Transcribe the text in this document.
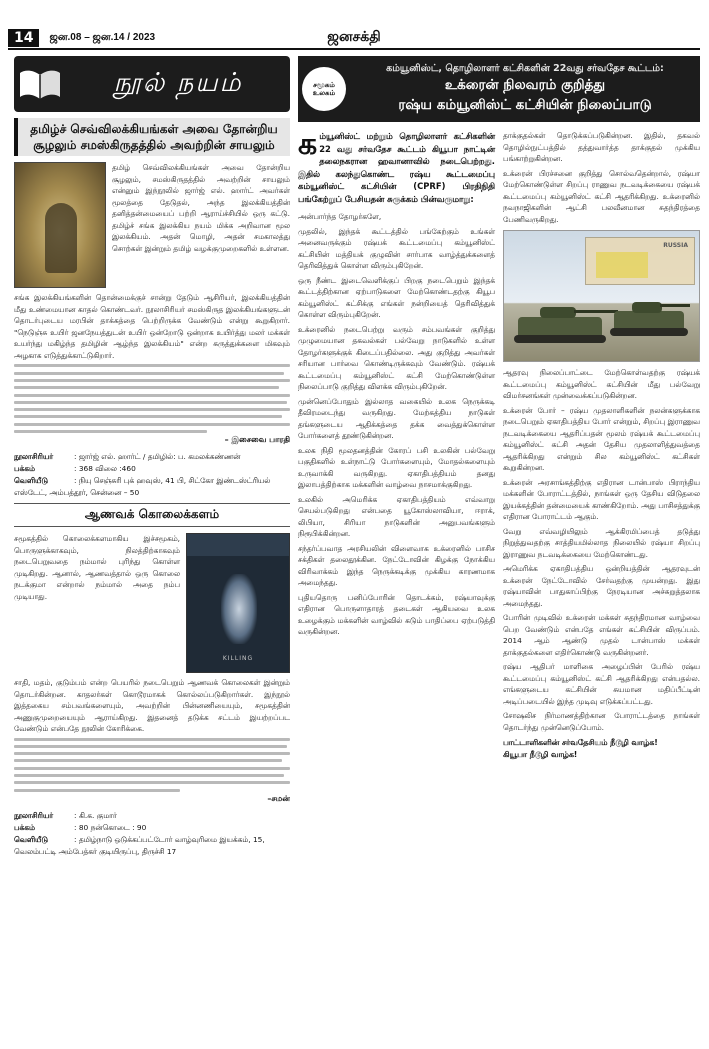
14	ஜன.08 – ஜன.14 / 2023	ஜனசக்தி
நூல் நயம்
தமிழ்ச் செவ்விலக்கியங்கள் அவை தோன்றிய சூழலும் சமஸ்கிருதத்தில் அவற்றின் சாயலும்

தமிழ் செவ்விலக்கியங்கள் அவை தோன்றிய சூழலும், சமஸ்கிருதத்தில் அவற்றின் சாயலும் என்னும் இந்நூலில் ஜார்ஜ் எல். ஹார்ட் அவர்கள் மூலத்தை தேடுதல், அந்த இலக்கியத்தின் தனித்தன்மையைப் பற்றி ஆராய்ச்சியில் ஒரு கட்டு. தமிழ்ச் சங்க இலக்கிய நயம் மிக்க அறிவான மூல இலக்கியம். அதன் மொழி, அதன் சமகாலத்து சொற்கள் இன்றும் தமிழ் வழக்குமுறைகளில் உள்ளன.

சங்க இலக்கியங்களின் தொன்மைக்குச் சான்று தேடும் ஆசிரியர், இலக்கியத்தின் மீது உண்மையான காதல் கொண்டவர். நூலாசிரியர் சமஸ்கிருத இலக்கியங்களுடன் தொடர்புடைய மரபின் தாக்கத்தை பெற்றிருக்க வேண்டும் என்று கூறுகிறார். "நெடுஞ்சு உயிர் ஜனநேயத்துடன் உயிர் ஒன்றோடு ஒன்றாக உயிர்த்து மலர் மக்கள் உயர்ந்து மகிழ்ந்த தமிழின் ஆழ்ந்த இலக்கியம்" என்ற கருத்துக்களை மிகவும் அழகாக எடுத்துக்காட்டுகிறார்.

– இசைவை பாரதி
நூலாசிரியர்	: ஜார்ஜ் எல். ஹார்ட் / தமிழில்: ப. கமலக்கண்ணன்
பக்கம்	: 368 விலை :460
வெளியீடு	: நியு செஞ்சுரி புக் ஹவுஸ், 41 பி, சிட்கோ இண்டஸ்ட்ரியல் எஸ்டேட், அம்பத்தூர், சென்னை – 50
ஆணவக் கொலைக்களம்

சமூகத்தில் கொலைக்களமாகிய இச்சமூகம், பொருளுக்காகவும், நிலத்திற்காகவும் நடைபெறுவதை நம்மால் புரிந்து கொள்ள முடிகிறது. ஆனால், ஆணவத்தால் ஒரு கொலை நடக்குமா என்றால் நம்மால் அதை நம்ப முடியாது.

KILLING

சாதி, மதம், குடும்பம் என்ற பெயரில் நடைபெறும் ஆணவக் கொலைகள் இன்றும் தொடர்கின்றன. காதலர்கள் கொடூரமாகக் கொல்லப்படுகிறார்கள். இந்நூல் இத்தகைய சம்பவங்களையும், அவற்றின் பின்னணியையும், சமூகத்தின் அணுகுமுறையையும் ஆராய்கிறது. இதனைத் தடுக்க சட்டம் இயற்றப்பட வேண்டும் என்பதே நூலின் கோரிக்கை.

–சமன்
நூலாசிரியர்	: கி.க. குமார்
பக்கம்	: 80 நன்கொடை : 90
வெளியீடு	: தமிழ்நாடு ஒடுக்கப்பட்டோர் வாழ்வுரிமை இயக்கம், 15, வெலம்பட்டி அம்பேத்கர் குடியிருப்பு, திருச்சி 17
சமூகம் உலகம்
கம்யூனிஸ்ட், தொழிலாளர் கட்சிகளின் 22வது சர்வதேச கூட்டம்:
உக்ரைன் நிலவரம் குறித்து
ரஷ்ய கம்யூனிஸ்ட் கட்சியின் நிலைப்பாடு

கம்யூனிஸ்ட் மற்றும் தொழிலாளர் கட்சிகளின் 22 வது சர்வதேச கூட்டம் கியூபா நாட்டின் தலைநகரான ஹவானாவில் நடைபெற்றது. இதில் கலந்துகொண்ட ரஷ்ய கூட்டமைப்பு கம்யூனிஸ்ட் கட்சியின் (CPRF) பிரதிநிதி பங்கேற்றுப் பேசியதன் சுருக்கம் பின்வருமாறு:

அன்பார்ந்த தோழர்களே,

முதலில், இந்தக் கூட்டத்தில் பங்கேற்கும் உங்கள் அனைவருக்கும் ரஷ்யக் கூட்டமைப்பு கம்யூனிஸ்ட் கட்சியின் மத்தியக் குழுவின் சார்பாக வாழ்த்துக்களைத் தெரிவித்துக் கொள்ள விரும்புகிறேன்.

ஒரு நீண்ட இடைவெளிக்குப் பிறகு நடைபெறும் இந்தக் கூட்டத்திற்கான ஏற்பாடுகளை மேற்கொண்டதற்கு கியூப கம்யூனிஸ்ட் கட்சிக்கு எங்கள் நன்றியைத் தெரிவித்துக் கொள்ள விரும்புகிறேன்.

உக்ரைனில் நடைபெற்று வரும் சம்பவங்கள் குறித்து முழுமையான தகவல்கள் பல்வேறு நாடுகளில் உள்ள தோழர்களுக்குக் கிடைப்பதில்லை. அது குறித்து அவர்கள் சரியான பார்வை கொண்டிருக்கவும் வேண்டும். ரஷ்யக் கூட்டமைப்பு கம்யூனிஸ்ட் கட்சி மேற்கொண்டுள்ள நிலைப்பாடு குறித்து விளக்க விரும்புகிறேன்.

முன்னெப்போதும் இல்லாத வகையில் உலக நெருக்கடி தீவிரமடைந்து வருகிறது. மேற்கத்திய நாடுகள் தங்களுடைய ஆதிக்கத்தை தக்க வைத்துக்கொள்ள போர்களைத் தூண்டுகின்றன.

உலக நிதி மூலதனத்தின் கோரப் பசி உலகின் பல்வேறு பகுதிகளில் உள்நாட்டு போர்களையும், மோதல்களையும் உருவாக்கி வருகிறது. ஏகாதிபத்தியம் தனது இலாபத்திற்காக மக்களின் வாழ்வை நாசமாக்குகிறது.

உலகில் அமெரிக்க ஏகாதிபத்தியம் எவ்வாறு செயல்படுகிறது என்பதை யூகோஸ்லாவியா, ஈராக், லிபியா, சிரியா நாடுகளின் அனுபவங்களும் நிரூபிக்கின்றன.

சந்தர்ப்பவாத அரசியலின் விளைவாக உக்ரைனில் பாசிச சக்திகள் தலைதூக்கின. நேட்டோவின் கிழக்கு நோக்கிய விரிவாக்கம் இந்த நெருக்கடிக்கு முக்கிய காரணமாக அமைந்தது.

புதியதொரு பனிப்போரின் தொடக்கம், ரஷ்யாவுக்கு எதிரான பொருளாதாரத் தடைகள் ஆகியவை உலக உழைக்கும் மக்களின் வாழ்வில் கடும் பாதிப்பை ஏற்படுத்தி வருகின்றன.

தாக்குதல்கள் தொடுக்கப்படுகின்றன. இதில், தகவல் தொழில்நுட்பத்தில் தத்துவார்த்த தாக்குதல் முக்கிய பங்காற்றுகின்றன.

உக்ரைன் பிரச்சனை குறித்து சொல்வதென்றால், ரஷ்யா மேற்கொண்டுள்ள சிறப்பு ராணுவ நடவடிக்கையை ரஷ்யக் கூட்டமைப்பு கம்யூனிஸ்ட் கட்சி ஆதரிக்கிறது. உக்ரைனில் நவநாஜிகளின் ஆட்சி பலவீனமான சுதந்திரத்தை பேணிவருகிறது.

RUSSIA

ஆதரவு நிலைப்பாட்டை மேற்கொள்வதற்கு ரஷ்யக் கூட்டமைப்பு கம்யூனிஸ்ட் கட்சியின் மீது பல்வேறு விமர்சனங்கள் முன்வைக்கப்படுகின்றன.

உக்ரைன் போர் – ரஷ்ய முதலாளிகளின் நலன்களுக்காக நடைபெறும் ஏகாதிபத்திய போர் என்றும், சிறப்பு இராணுவ நடவடிக்கையை ஆதரிப்பதன் மூலம் ரஷ்யக் கூட்டமைப்பு கம்யூனிஸ்ட் கட்சி அதன் தேசிய முதலாளித்துவத்தை ஆதரிக்கிறது என்றும் சில கம்யூனிஸ்ட் கட்சிகள் கூறுகின்றன.

உக்ரைன் அரசாங்கத்திற்கு எதிரான டான்பாஸ் பிராந்திய மக்களின் போராட்டத்தில், நாங்கள் ஒரு தேசிய விடுதலை இயக்கத்தின் தன்மையைக் காண்கிறோம். அது பாசிசத்துக்கு எதிரான போராட்டம் ஆகும்.

வேறு எவ்வழியிலும் ஆக்கிரமிப்பைத் தடுத்து நிறுத்துவதற்கு சாத்தியமில்லாத நிலையில் ரஷ்யா சிறப்பு இராணுவ நடவடிக்கையை மேற்கொண்டது.

அமெரிக்க ஏகாதிபத்திய ஒன்றியத்தின் ஆதரவுடன் உக்ரைன் நேட்டோவில் சேர்வதற்கு முயன்றது. இது ரஷ்யாவின் பாதுகாப்பிற்கு நேரடியான அச்சுறுத்தலாக அமைந்தது.

போரின் முடிவில் உக்ரைன் மக்கள் சுதந்திரமான வாழ்வை பெற வேண்டும் என்பதே எங்கள் கட்சியின் விருப்பம். 2014 ஆம் ஆண்டு முதல் டான்பாஸ் மக்கள் தாக்குதல்களை எதிர்கொண்டு வருகின்றனர்.

ரஷ்ய ஆதிபர் மாளிகை அழைப்பின் பேரில் ரஷ்ய கூட்டமைப்பு கம்யூனிஸ்ட் கட்சி ஆதரிக்கிறது என்பதல்ல. எங்களுடைய கட்சியின் சுயமான மதிப்பீட்டின் அடிப்படையில் இந்த முடிவு எடுக்கப்பட்டது.

சோஷலிச நிர்மாணத்திற்கான போராட்டத்தை நாங்கள் தொடர்ந்து முன்னெடுப்போம்.

பாட்டாளிகளின் சர்வதேசியம் நீடூழி வாழ்க!
கியூபா நீடூழி வாழ்க!
